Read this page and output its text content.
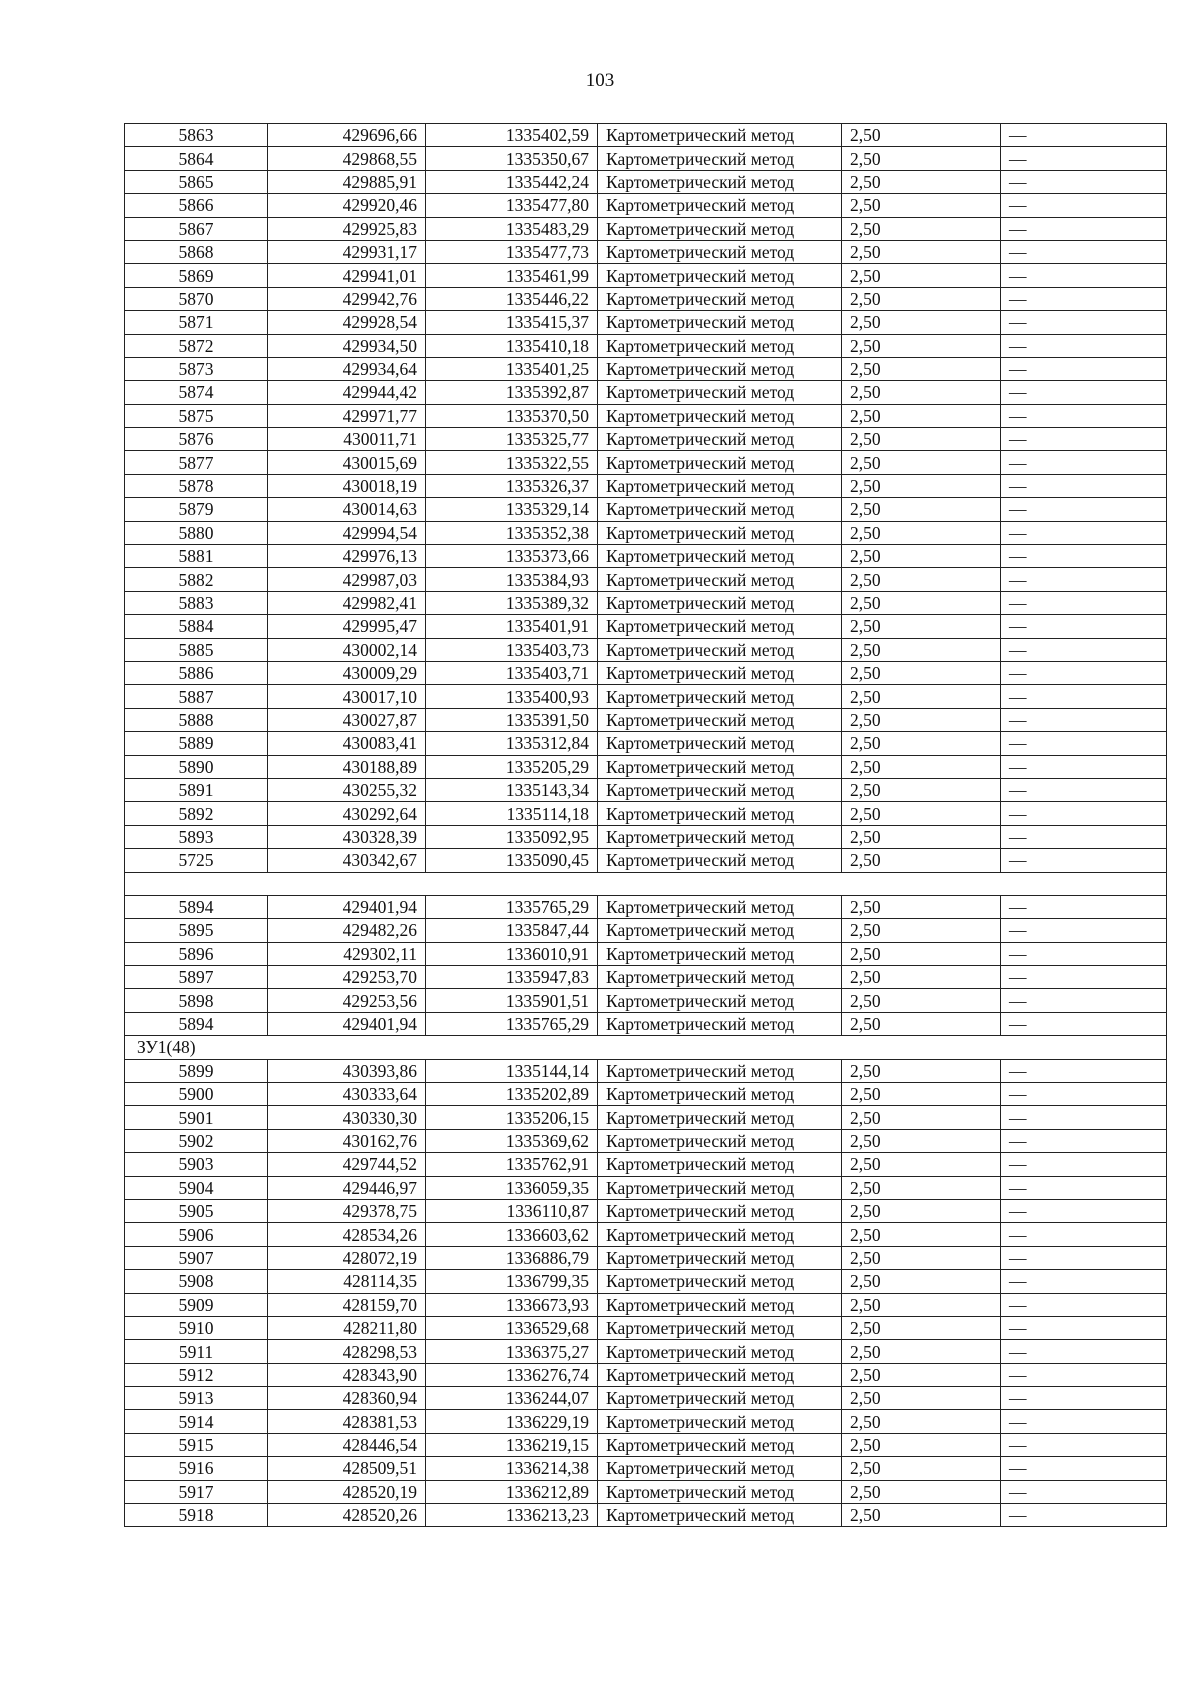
103
5863	429696,66	1335402,59	Картометрический метод	2,50	—
5864	429868,55	1335350,67	Картометрический метод	2,50	—
5865	429885,91	1335442,24	Картометрический метод	2,50	—
5866	429920,46	1335477,80	Картометрический метод	2,50	—
5867	429925,83	1335483,29	Картометрический метод	2,50	—
5868	429931,17	1335477,73	Картометрический метод	2,50	—
5869	429941,01	1335461,99	Картометрический метод	2,50	—
5870	429942,76	1335446,22	Картометрический метод	2,50	—
5871	429928,54	1335415,37	Картометрический метод	2,50	—
5872	429934,50	1335410,18	Картометрический метод	2,50	—
5873	429934,64	1335401,25	Картометрический метод	2,50	—
5874	429944,42	1335392,87	Картометрический метод	2,50	—
5875	429971,77	1335370,50	Картометрический метод	2,50	—
5876	430011,71	1335325,77	Картометрический метод	2,50	—
5877	430015,69	1335322,55	Картометрический метод	2,50	—
5878	430018,19	1335326,37	Картометрический метод	2,50	—
5879	430014,63	1335329,14	Картометрический метод	2,50	—
5880	429994,54	1335352,38	Картометрический метод	2,50	—
5881	429976,13	1335373,66	Картометрический метод	2,50	—
5882	429987,03	1335384,93	Картометрический метод	2,50	—
5883	429982,41	1335389,32	Картометрический метод	2,50	—
5884	429995,47	1335401,91	Картометрический метод	2,50	—
5885	430002,14	1335403,73	Картометрический метод	2,50	—
5886	430009,29	1335403,71	Картометрический метод	2,50	—
5887	430017,10	1335400,93	Картометрический метод	2,50	—
5888	430027,87	1335391,50	Картометрический метод	2,50	—
5889	430083,41	1335312,84	Картометрический метод	2,50	—
5890	430188,89	1335205,29	Картометрический метод	2,50	—
5891	430255,32	1335143,34	Картометрический метод	2,50	—
5892	430292,64	1335114,18	Картометрический метод	2,50	—
5893	430328,39	1335092,95	Картометрический метод	2,50	—
5725	430342,67	1335090,45	Картометрический метод	2,50	—

5894	429401,94	1335765,29	Картометрический метод	2,50	—
5895	429482,26	1335847,44	Картометрический метод	2,50	—
5896	429302,11	1336010,91	Картометрический метод	2,50	—
5897	429253,70	1335947,83	Картометрический метод	2,50	—
5898	429253,56	1335901,51	Картометрический метод	2,50	—
5894	429401,94	1335765,29	Картометрический метод	2,50	—
ЗУ1(48)					
5899	430393,86	1335144,14	Картометрический метод	2,50	—
5900	430333,64	1335202,89	Картометрический метод	2,50	—
5901	430330,30	1335206,15	Картометрический метод	2,50	—
5902	430162,76	1335369,62	Картометрический метод	2,50	—
5903	429744,52	1335762,91	Картометрический метод	2,50	—
5904	429446,97	1336059,35	Картометрический метод	2,50	—
5905	429378,75	1336110,87	Картометрический метод	2,50	—
5906	428534,26	1336603,62	Картометрический метод	2,50	—
5907	428072,19	1336886,79	Картометрический метод	2,50	—
5908	428114,35	1336799,35	Картометрический метод	2,50	—
5909	428159,70	1336673,93	Картометрический метод	2,50	—
5910	428211,80	1336529,68	Картометрический метод	2,50	—
5911	428298,53	1336375,27	Картометрический метод	2,50	—
5912	428343,90	1336276,74	Картометрический метод	2,50	—
5913	428360,94	1336244,07	Картометрический метод	2,50	—
5914	428381,53	1336229,19	Картометрический метод	2,50	—
5915	428446,54	1336219,15	Картометрический метод	2,50	—
5916	428509,51	1336214,38	Картометрический метод	2,50	—
5917	428520,19	1336212,89	Картометрический метод	2,50	—
5918	428520,26	1336213,23	Картометрический метод	2,50	—
